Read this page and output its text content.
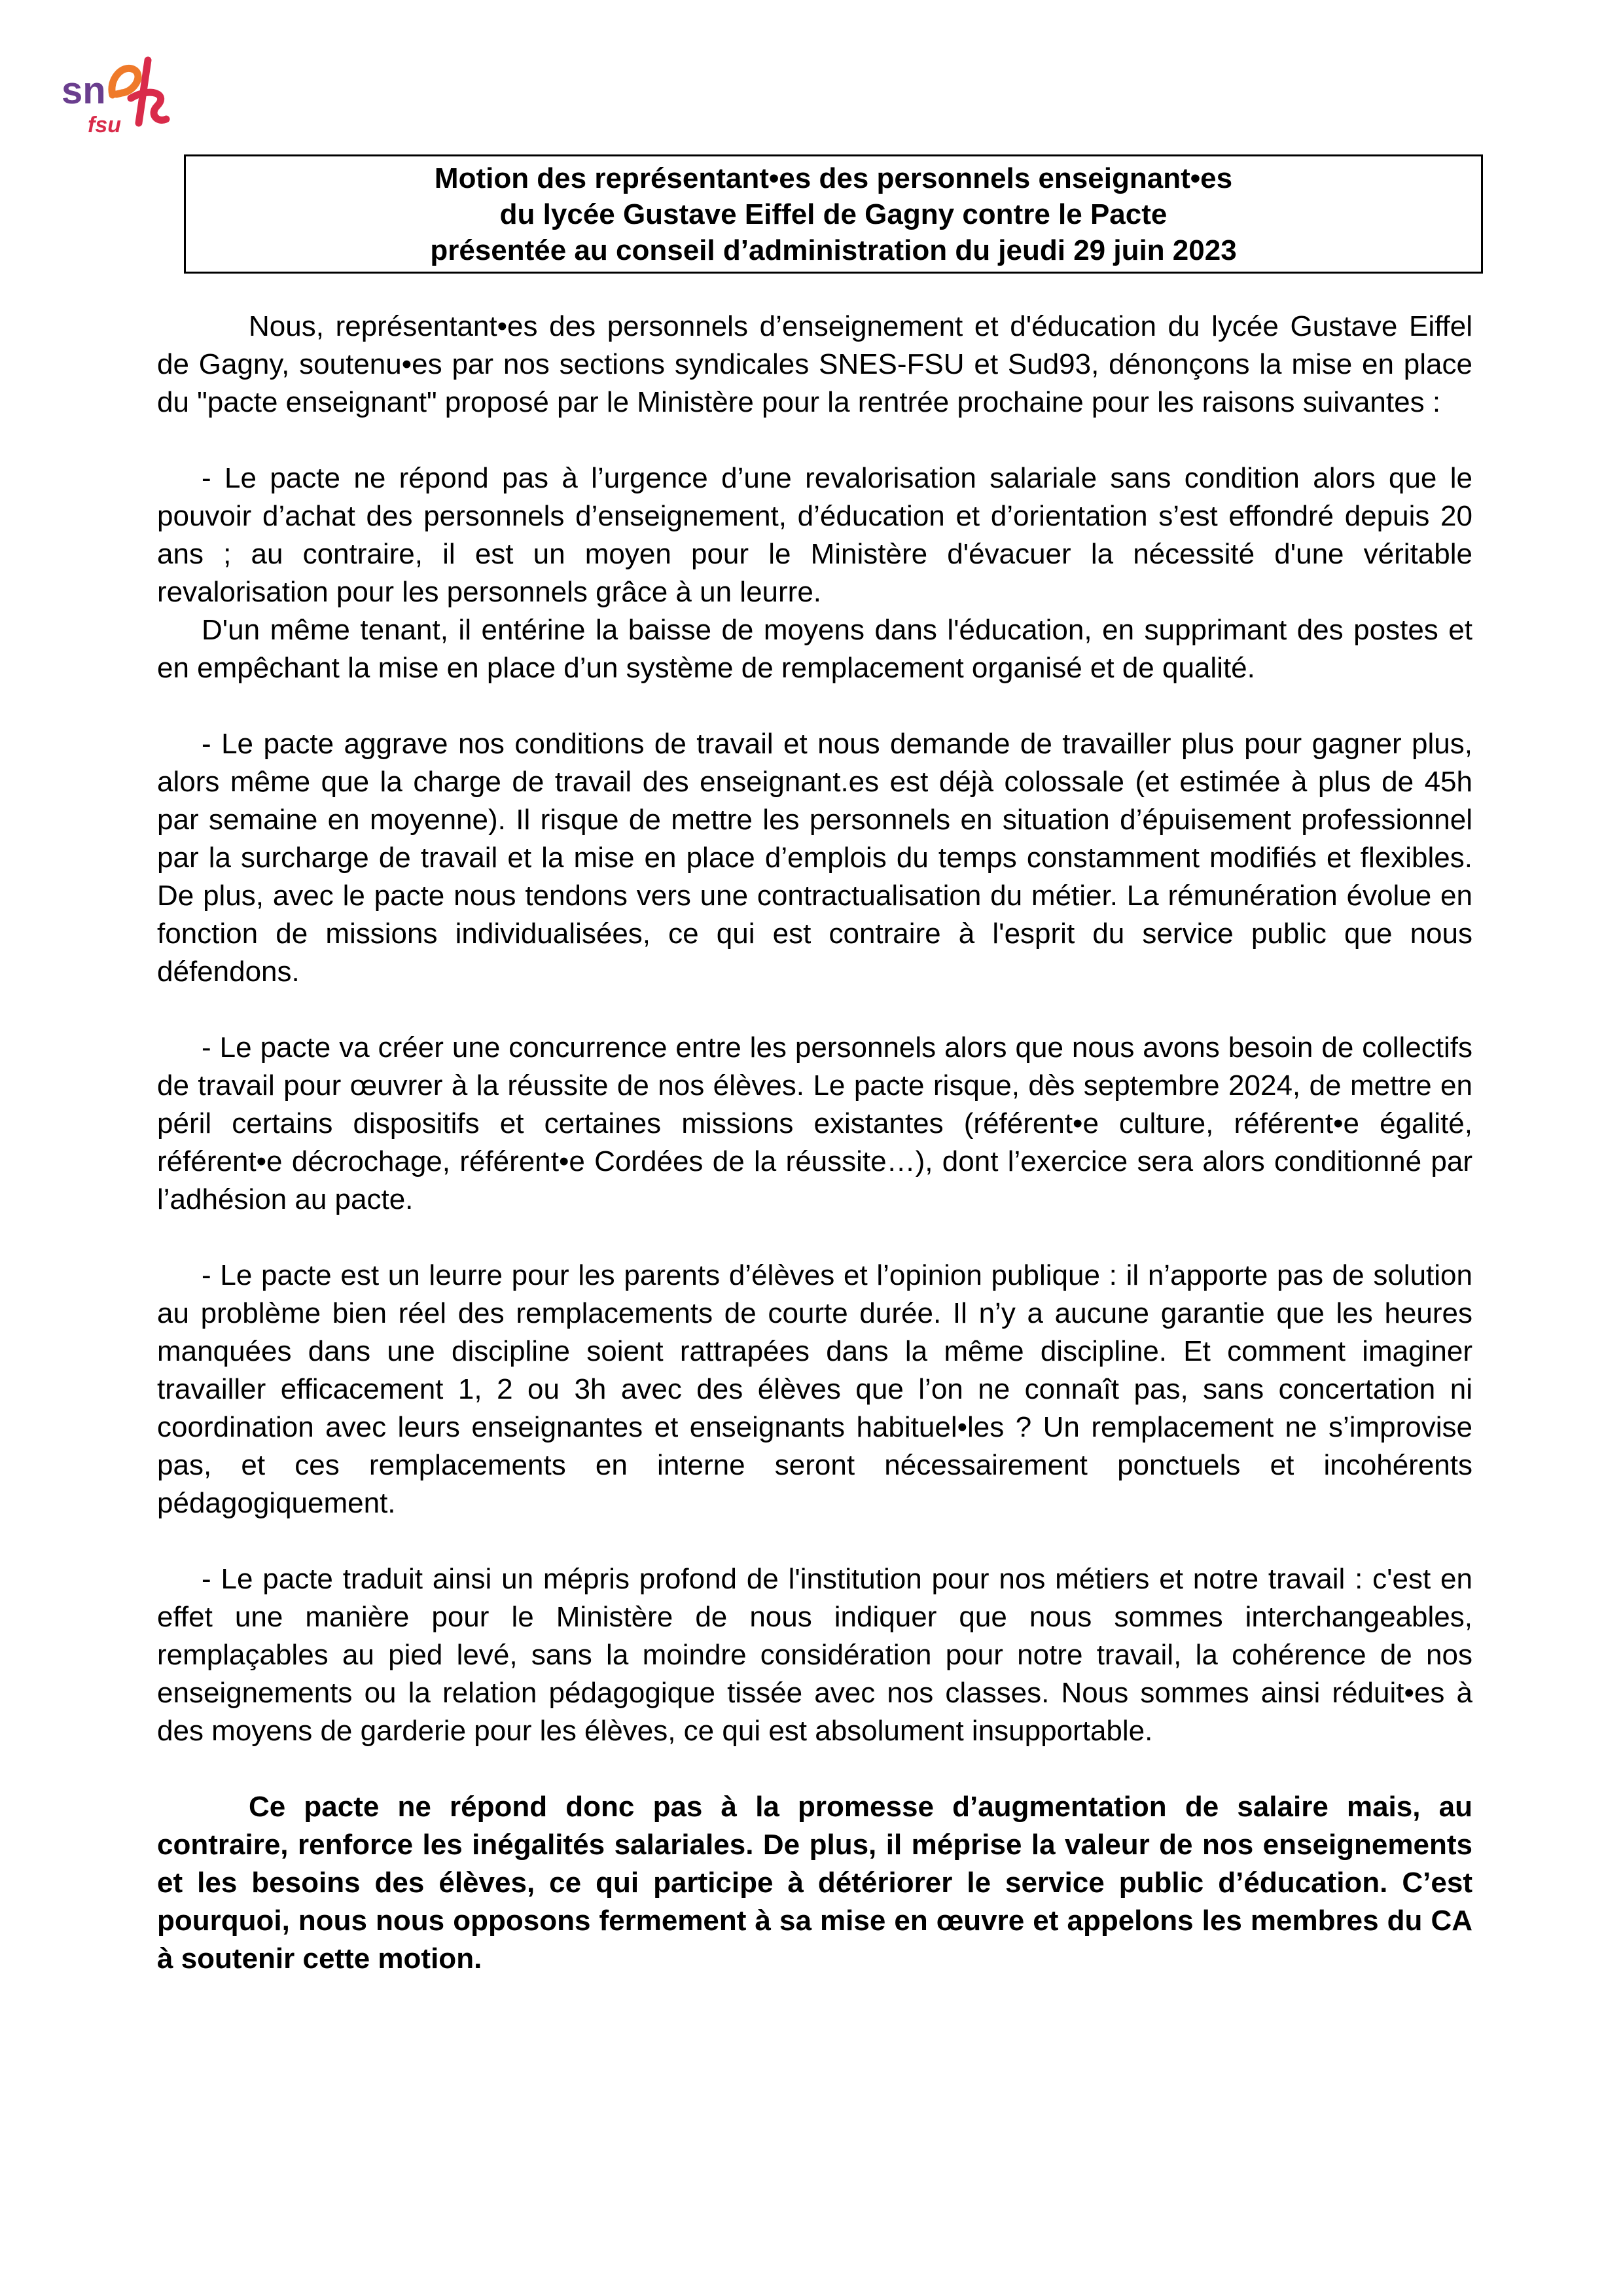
sn
fsu
Motion des représentant•es des personnels enseignant•es
du lycée Gustave Eiffel de Gagny contre le Pacte
présentée au conseil d’administration du jeudi 29 juin 2023

Nous, représentant•es des personnels d’enseignement et d'éducation du lycée Gustave Eiffel de Gagny, soutenu•es par nos sections syndicales SNES-FSU et Sud93, dénonçons la mise en place du "pacte enseignant" proposé par le Ministère pour la rentrée prochaine pour les raisons suivantes :

- Le pacte ne répond pas à l’urgence d’une revalorisation salariale sans condition alors que le pouvoir d’achat des personnels d’enseignement, d’éducation et d’orientation s’est effondré depuis 20 ans ; au contraire, il est un moyen pour le Ministère d'évacuer la nécessité d'une véritable revalorisation pour les personnels grâce à un leurre.

D'un même tenant, il entérine la baisse de moyens dans l'éducation, en supprimant des postes et en empêchant la mise en place d’un système de remplacement organisé et de qualité.

- Le pacte aggrave nos conditions de travail et nous demande de travailler plus pour gagner plus, alors même que la charge de travail des enseignant.es est déjà colossale (et estimée à plus de 45h par semaine en moyenne). Il risque de mettre les personnels en situation d’épuisement professionnel par la surcharge de travail et la mise en place d’emplois du temps constamment modifiés et flexibles. De plus, avec le pacte nous tendons vers une contractualisation du métier. La rémunération évolue en fonction de missions individualisées, ce qui est contraire à l'esprit du service public que nous défendons.

- Le pacte va créer une concurrence entre les personnels alors que nous avons besoin de collectifs de travail pour œuvrer à la réussite de nos élèves. Le pacte risque, dès septembre 2024, de mettre en péril certains dispositifs et certaines missions existantes (référent•e culture, référent•e égalité, référent•e décrochage, référent•e Cordées de la réussite…), dont l’exercice sera alors conditionné par l’adhésion au pacte.

- Le pacte est un leurre pour les parents d’élèves et l’opinion publique : il n’apporte pas de solution au problème bien réel des remplacements de courte durée. Il n’y a aucune garantie que les heures manquées dans une discipline soient rattrapées dans la même discipline. Et comment imaginer travailler efficacement 1, 2 ou 3h avec des élèves que l’on ne connaît pas, sans concertation ni coordination avec leurs enseignantes et enseignants habituel•les ? Un remplacement ne s’improvise pas, et ces remplacements en interne seront nécessairement ponctuels et incohérents pédagogiquement.

- Le pacte traduit ainsi un mépris profond de l'institution pour nos métiers et notre travail : c'est en effet une manière pour le Ministère de nous indiquer que nous sommes interchangeables, remplaçables au pied levé, sans la moindre considération pour notre travail, la cohérence de nos enseignements ou la relation pédagogique tissée avec nos classes. Nous sommes ainsi réduit•es à des moyens de garderie pour les élèves, ce qui est absolument insupportable.

Ce pacte ne répond donc pas à la promesse d’augmentation de salaire mais, au contraire, renforce les inégalités salariales. De plus, il méprise la valeur de nos enseignements et les besoins des élèves, ce qui participe à détériorer le service public d’éducation. C’est pourquoi, nous nous opposons fermement à sa mise en œuvre et appelons les membres du CA à soutenir cette motion.
